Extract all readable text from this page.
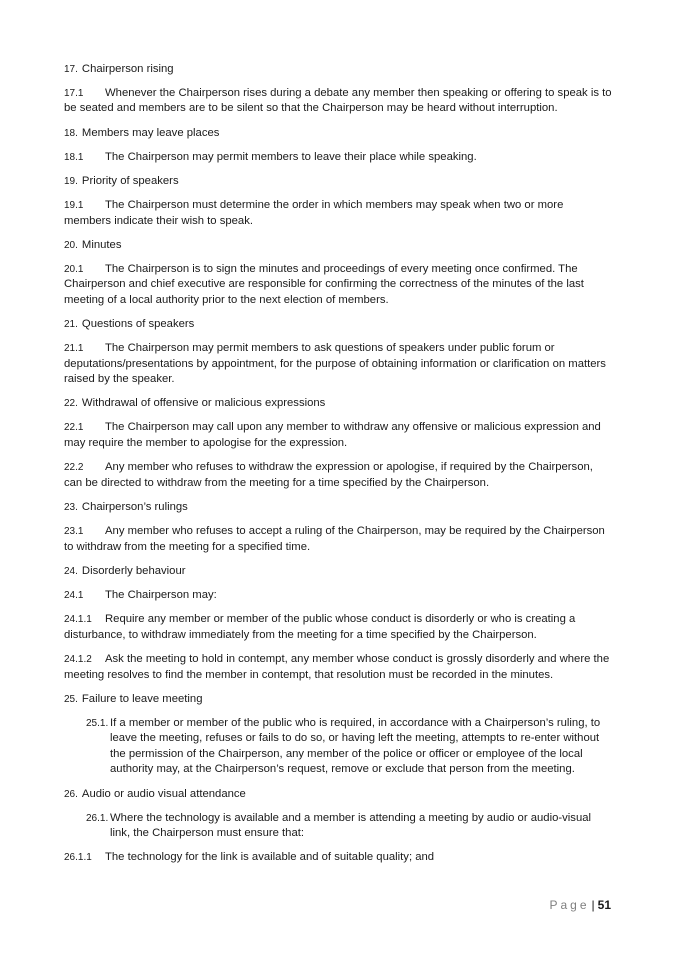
17. Chairperson rising
17.1 Whenever the Chairperson rises during a debate any member then speaking or offering to speak is to be seated and members are to be silent so that the Chairperson may be heard without interruption.
18. Members may leave places
18.1 The Chairperson may permit members to leave their place while speaking.
19. Priority of speakers
19.1 The Chairperson must determine the order in which members may speak when two or more members indicate their wish to speak.
20. Minutes
20.1 The Chairperson is to sign the minutes and proceedings of every meeting once confirmed. The Chairperson and chief executive are responsible for confirming the correctness of the minutes of the last meeting of a local authority prior to the next election of members.
21. Questions of speakers
21.1 The Chairperson may permit members to ask questions of speakers under public forum or deputations/presentations by appointment, for the purpose of obtaining information or clarification on matters raised by the speaker.
22. Withdrawal of offensive or malicious expressions
22.1 The Chairperson may call upon any member to withdraw any offensive or malicious expression and may require the member to apologise for the expression.
22.2 Any member who refuses to withdraw the expression or apologise, if required by the Chairperson, can be directed to withdraw from the meeting for a time specified by the Chairperson.
23. Chairperson’s rulings
23.1 Any member who refuses to accept a ruling of the Chairperson, may be required by the Chairperson to withdraw from the meeting for a specified time.
24. Disorderly behaviour
24.1 The Chairperson may:
24.1.1 Require any member or member of the public whose conduct is disorderly or who is creating a disturbance, to withdraw immediately from the meeting for a time specified by the Chairperson.
24.1.2 Ask the meeting to hold in contempt, any member whose conduct is grossly disorderly and where the meeting resolves to find the member in contempt, that resolution must be recorded in the minutes.
25. Failure to leave meeting
25.1. If a member or member of the public who is required, in accordance with a Chairperson’s ruling, to leave the meeting, refuses or fails to do so, or having left the meeting, attempts to re-enter without the permission of the Chairperson, any member of the police or officer or employee of the local authority may, at the Chairperson’s request, remove or exclude that person from the meeting.
26. Audio or audio visual attendance
26.1. Where the technology is available and a member is attending a meeting by audio or audio-visual link, the Chairperson must ensure that:
26.1.1 The technology for the link is available and of suitable quality; and
Page | 51
